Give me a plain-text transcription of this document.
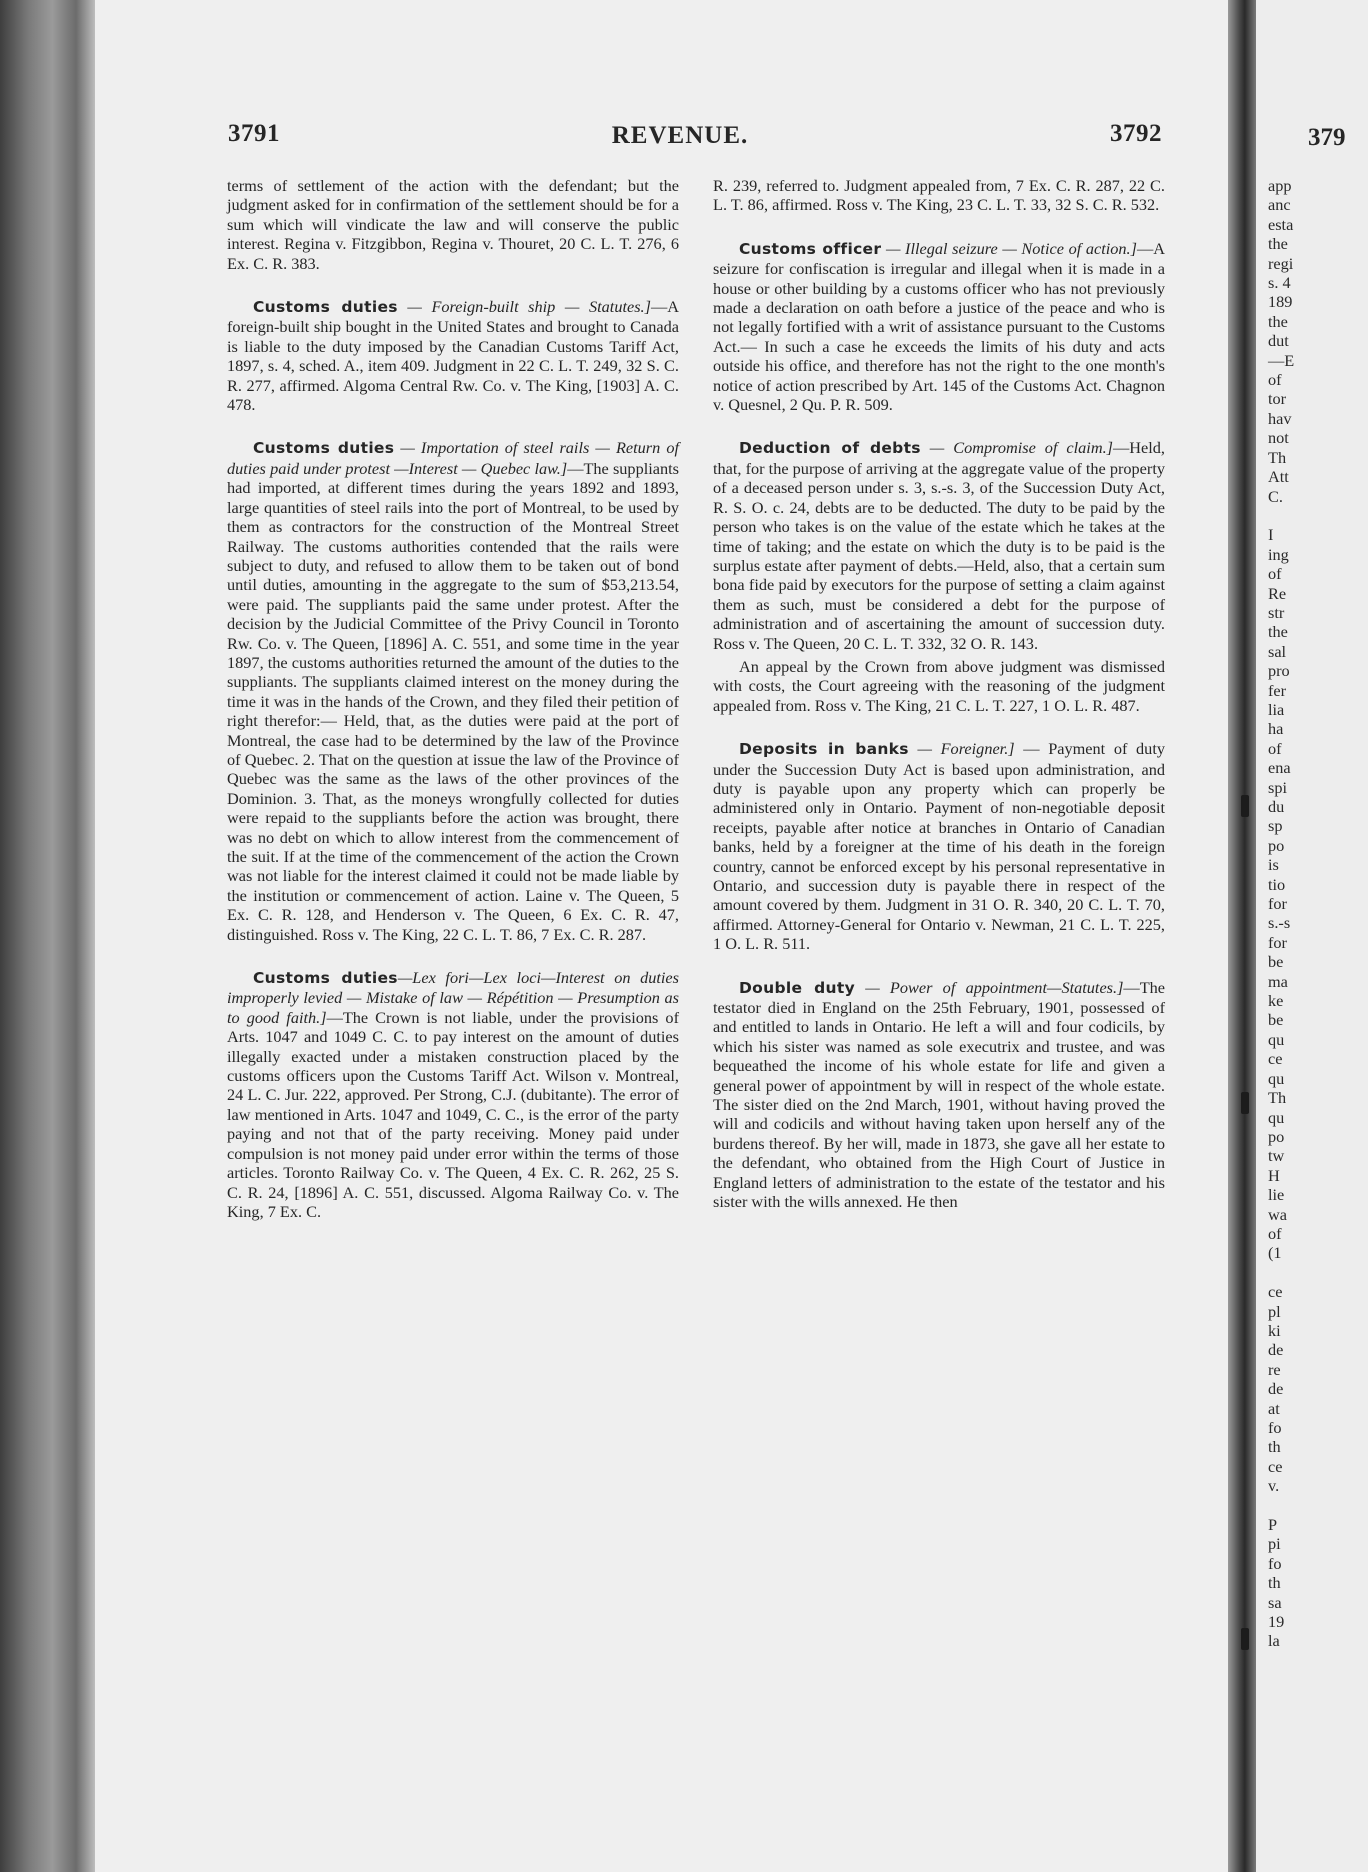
3791	REVENUE.	3792	379

terms of settlement of the action with the defendant; but the judgment asked for in confirmation of the settlement should be for a sum which will vindicate the law and will conserve the public interest. Regina v. Fitzgibbon, Regina v. Thouret, 20 C. L. T. 276, 6 Ex. C. R. 383.

Customs duties — Foreign-built ship — Statutes.]—A foreign-built ship bought in the United States and brought to Canada is liable to the duty imposed by the Canadian Customs Tariff Act, 1897, s. 4, sched. A., item 409. Judgment in 22 C. L. T. 249, 32 S. C. R. 277, affirmed. Algoma Central Rw. Co. v. The King, [1903] A. C. 478.

Customs duties — Importation of steel rails — Return of duties paid under protest —Interest — Quebec law.]—The suppliants had imported, at different times during the years 1892 and 1893, large quantities of steel rails into the port of Montreal, to be used by them as contractors for the construction of the Montreal Street Railway. The customs authorities contended that the rails were subject to duty, and refused to allow them to be taken out of bond until duties, amounting in the aggregate to the sum of $53,213.54, were paid. The suppliants paid the same under protest. After the decision by the Judicial Committee of the Privy Council in Toronto Rw. Co. v. The Queen, [1896] A. C. 551, and some time in the year 1897, the customs authorities returned the amount of the duties to the suppliants. The suppliants claimed interest on the money during the time it was in the hands of the Crown, and they filed their petition of right therefor:— Held, that, as the duties were paid at the port of Montreal, the case had to be determined by the law of the Province of Quebec. 2. That on the question at issue the law of the Province of Quebec was the same as the laws of the other provinces of the Dominion. 3. That, as the moneys wrongfully collected for duties were repaid to the suppliants before the action was brought, there was no debt on which to allow interest from the commencement of the suit. If at the time of the commencement of the action the Crown was not liable for the interest claimed it could not be made liable by the institution or commencement of action. Laine v. The Queen, 5 Ex. C. R. 128, and Henderson v. The Queen, 6 Ex. C. R. 47, distinguished. Ross v. The King, 22 C. L. T. 86, 7 Ex. C. R. 287.

Customs duties—Lex fori—Lex loci—Interest on duties improperly levied — Mistake of law — Répétition — Presumption as to good faith.]—The Crown is not liable, under the provisions of Arts. 1047 and 1049 C. C. to pay interest on the amount of duties illegally exacted under a mistaken construction placed by the customs officers upon the Customs Tariff Act. Wilson v. Montreal, 24 L. C. Jur. 222, approved. Per Strong, C.J. (dubitante). The error of law mentioned in Arts. 1047 and 1049, C. C., is the error of the party paying and not that of the party receiving. Money paid under compulsion is not money paid under error within the terms of those articles. Toronto Railway Co. v. The Queen, 4 Ex. C. R. 262, 25 S. C. R. 24, [1896] A. C. 551, discussed. Algoma Railway Co. v. The King, 7 Ex. C.

R. 239, referred to. Judgment appealed from, 7 Ex. C. R. 287, 22 C. L. T. 86, affirmed. Ross v. The King, 23 C. L. T. 33, 32 S. C. R. 532.

Customs officer — Illegal seizure — Notice of action.]—A seizure for confiscation is irregular and illegal when it is made in a house or other building by a customs officer who has not previously made a declaration on oath before a justice of the peace and who is not legally fortified with a writ of assistance pursuant to the Customs Act.— In such a case he exceeds the limits of his duty and acts outside his office, and therefore has not the right to the one month's notice of action prescribed by Art. 145 of the Customs Act. Chagnon v. Quesnel, 2 Qu. P. R. 509.

Deduction of debts — Compromise of claim.]—Held, that, for the purpose of arriving at the aggregate value of the property of a deceased person under s. 3, s.-s. 3, of the Succession Duty Act, R. S. O. c. 24, debts are to be deducted. The duty to be paid by the person who takes is on the value of the estate which he takes at the time of taking; and the estate on which the duty is to be paid is the surplus estate after payment of debts.—Held, also, that a certain sum bona fide paid by executors for the purpose of setting a claim against them as such, must be considered a debt for the purpose of administration and of ascertaining the amount of succession duty. Ross v. The Queen, 20 C. L. T. 332, 32 O. R. 143.

An appeal by the Crown from above judgment was dismissed with costs, the Court agreeing with the reasoning of the judgment appealed from. Ross v. The King, 21 C. L. T. 227, 1 O. L. R. 487.

Deposits in banks — Foreigner.] — Payment of duty under the Succession Duty Act is based upon administration, and duty is payable upon any property which can properly be administered only in Ontario. Payment of non-negotiable deposit receipts, payable after notice at branches in Ontario of Canadian banks, held by a foreigner at the time of his death in the foreign country, cannot be enforced except by his personal representative in Ontario, and succession duty is payable there in respect of the amount covered by them. Judgment in 31 O. R. 340, 20 C. L. T. 70, affirmed. Attorney-General for Ontario v. Newman, 21 C. L. T. 225, 1 O. L. R. 511.

Double duty — Power of appointment—Statutes.]—The testator died in England on the 25th February, 1901, possessed of and entitled to lands in Ontario. He left a will and four codicils, by which his sister was named as sole executrix and trustee, and was bequeathed the income of his whole estate for life and given a general power of appointment by will in respect of the whole estate. The sister died on the 2nd March, 1901, without having proved the will and codicils and without having taken upon herself any of the burdens thereof. By her will, made in 1873, she gave all her estate to the defendant, who obtained from the High Court of Justice in England letters of administration to the estate of the testator and his sister with the wills annexed. He then

app
anc
esta
the
regi
s. 4
189
the
dut
—E
of
tor
hav
not
Th
Att
C.

I
ing
of
Re
str
the
sal
pro
fer
lia
ha
of
ena
spi
du
sp
po
is
tio
for
s.-s
for
be
ma
ke
be
qu
ce
qu
Th
qu
po
tw
H
lie
wa
of
(1

ce
pl
ki
de
re
de
at
fo
th
ce
v.

P
pi
fo
th
sa
19
la
